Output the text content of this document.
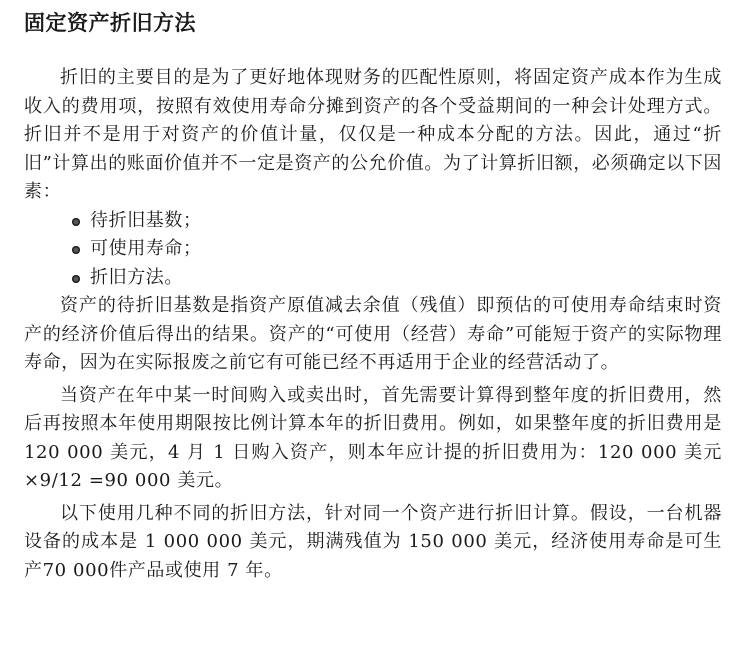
固定资产折旧方法

折旧的主要目的是为了更好地体现财务的匹配性原则，将固定资产成本作为生成收入的费用项，按照有效使用寿命分摊到资产的各个受益期间的一种会计处理方式。折旧并不是用于对资产的价值计量，仅仅是一种成本分配的方法。因此，通过“折旧”计算出的账面价值并不一定是资产的公允价值。为了计算折旧额，必须确定以下因素：

待折旧基数；
可使用寿命；
折旧方法。

资产的待折旧基数是指资产原值减去余值（残值）即预估的可使用寿命结束时资产的经济价值后得出的结果。资产的“可使用（经营）寿命”可能短于资产的实际物理寿命，因为在实际报废之前它有可能已经不再适用于企业的经营活动了。

当资产在年中某一时间购入或卖出时，首先需要计算得到整年度的折旧费用，然后再按照本年使用期限按比例计算本年的折旧费用。例如，如果整年度的折旧费用是 120 000 美元，4 月 1 日购入资产，则本年应计提的折旧费用为：120 000 美元 ×9/12 =90 000 美元。

以下使用几种不同的折旧方法，针对同一个资产进行折旧计算。假设，一台机器设备的成本是 1 000 000 美元，期满残值为 150 000 美元，经济使用寿命是可生产70 000件产品或使用 7 年。
